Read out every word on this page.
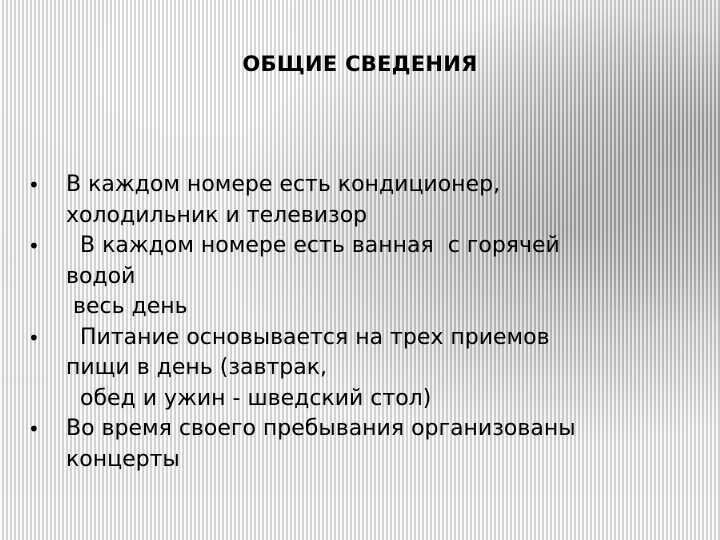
ОБЩИЕ СВЕДЕНИЯ
• В каждом номере есть кондиционер,
холодильник и телевизор
• В каждом номере есть ванная  с горячей
водой
весь день
• Питание основывается на трех приемов
пищи в день (завтрак,
обед и ужин - шведский стол)
• Во время своего пребывания организованы
концерты
